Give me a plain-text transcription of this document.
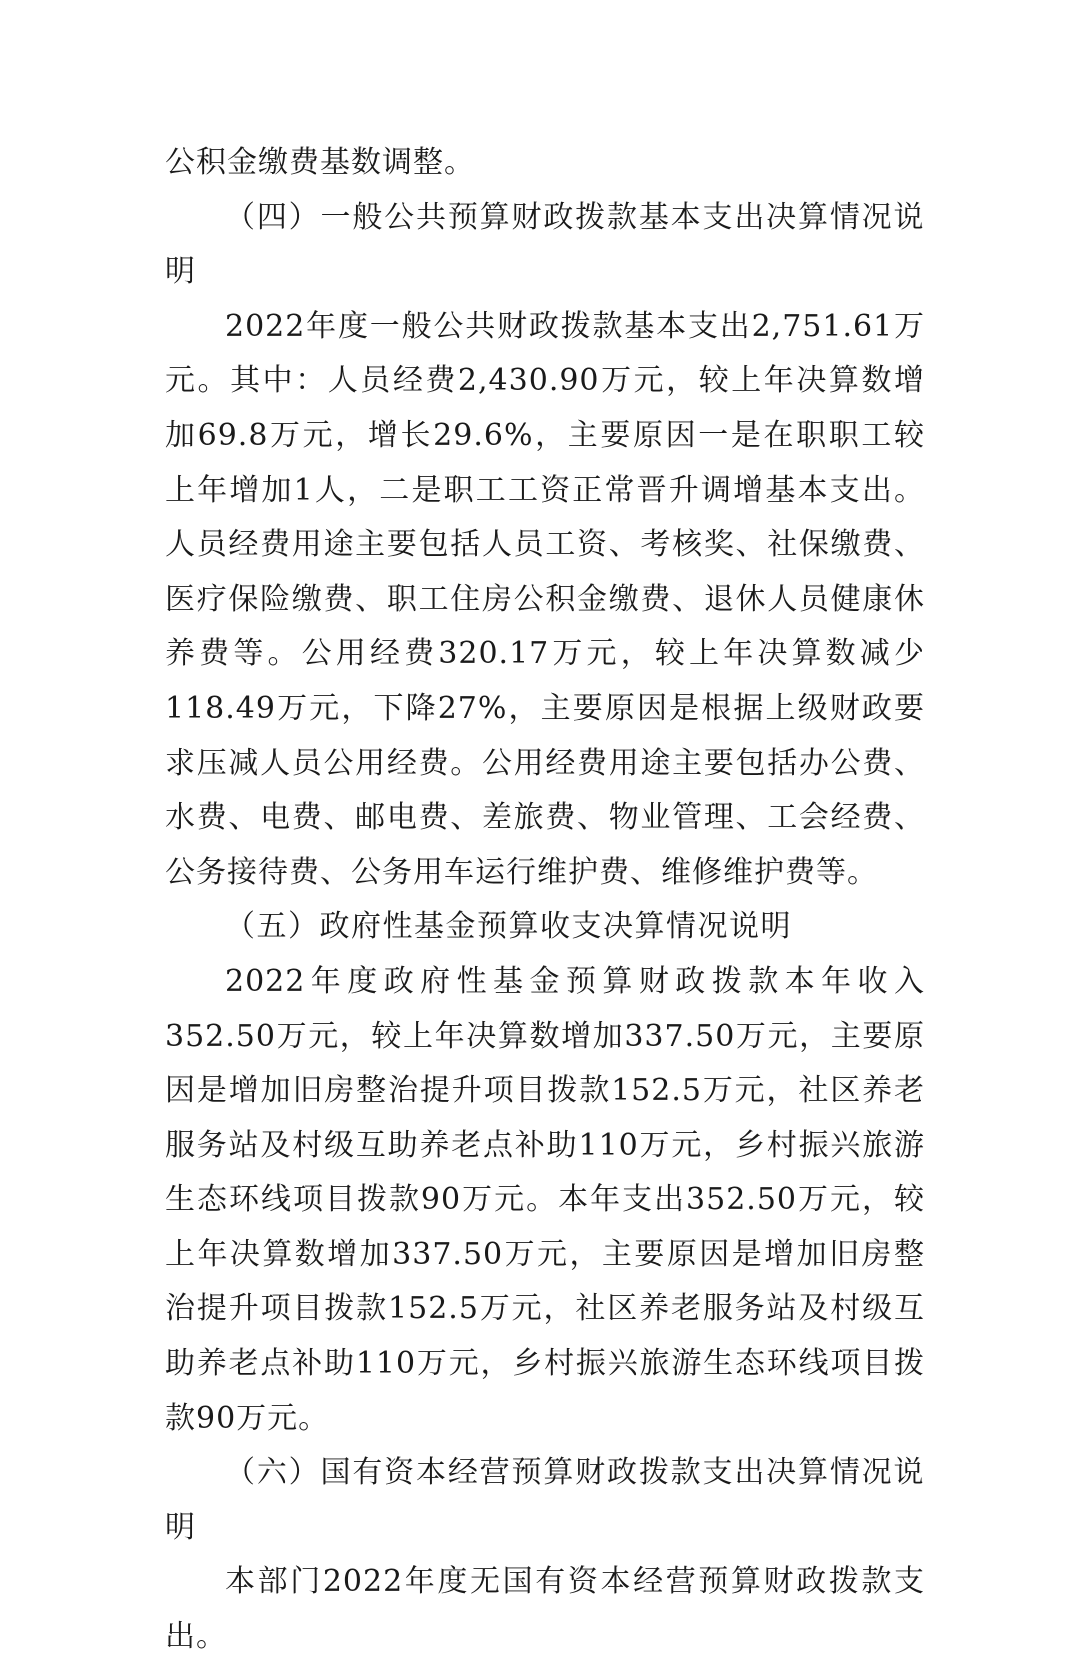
公积金缴费基数调整。

（四）一般公共预算财政拨款基本支出决算情况说明

2022年度一般公共财政拨款基本支出2,751.61万元。其中：人员经费2,430.90万元，较上年决算数增加69.8万元，增长29.6%，主要原因一是在职职工较上年增加1人，二是职工工资正常晋升调增基本支出。人员经费用途主要包括人员工资、考核奖、社保缴费、医疗保险缴费、职工住房公积金缴费、退休人员健康休养费等。公用经费320.17万元，较上年决算数减少118.49万元，下降27%，主要原因是根据上级财政要求压减人员公用经费。公用经费用途主要包括办公费、水费、电费、邮电费、差旅费、物业管理、工会经费、公务接待费、公务用车运行维护费、维修维护费等。

（五）政府性基金预算收支决算情况说明

2022年度政府性基金预算财政拨款本年收入352.50万元，较上年决算数增加337.50万元，主要原因是增加旧房整治提升项目拨款152.5万元，社区养老服务站及村级互助养老点补助110万元，乡村振兴旅游生态环线项目拨款90万元。本年支出352.50万元，较上年决算数增加337.50万元，主要原因是增加旧房整治提升项目拨款152.5万元，社区养老服务站及村级互助养老点补助110万元，乡村振兴旅游生态环线项目拨款90万元。

（六）国有资本经营预算财政拨款支出决算情况说明

本部门2022年度无国有资本经营预算财政拨款支出。
